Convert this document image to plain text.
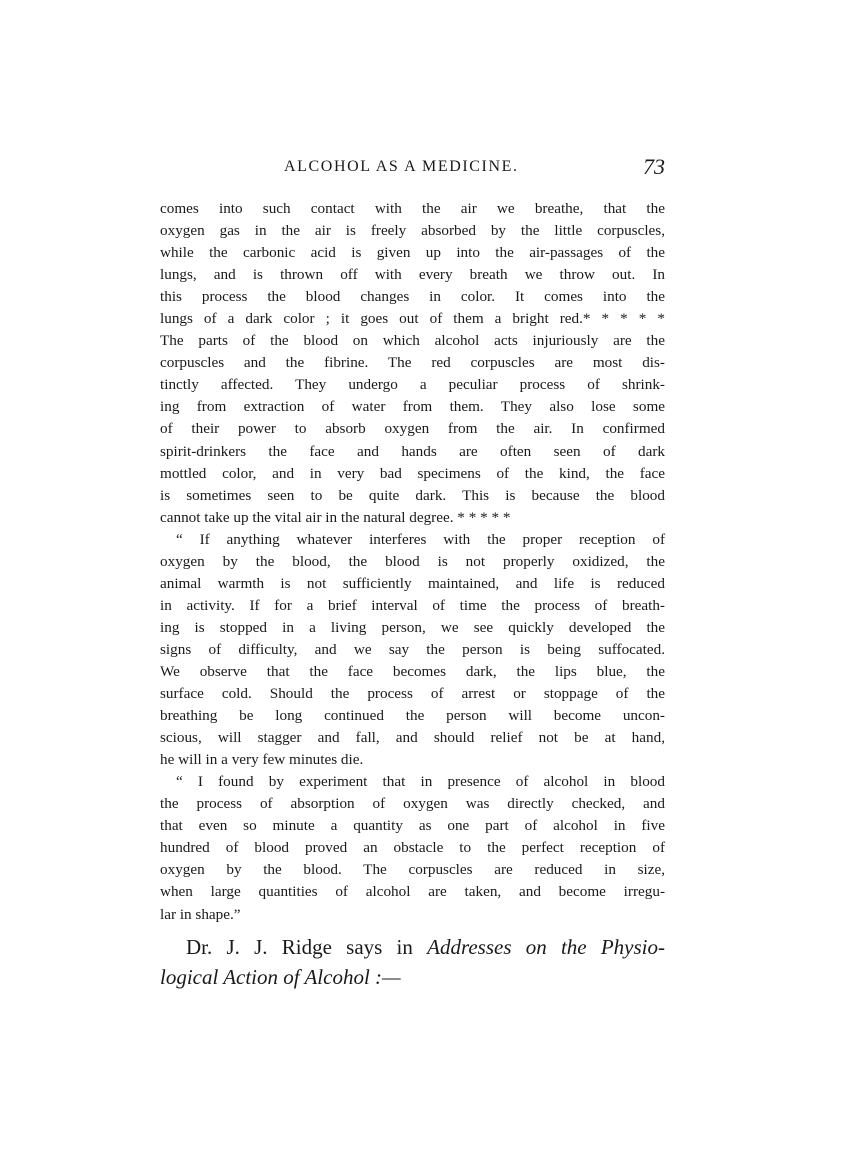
ALCOHOL AS A MEDICINE.	73
comes into such contact with the air we breathe, that the
oxygen gas in the air is freely absorbed by the little corpuscles,
while the carbonic acid is given up into the air-passages of the
lungs, and is thrown off with every breath we throw out. In
this process the blood changes in color. It comes into the
lungs of a dark color ; it goes out of them a bright red.* * * * *
The parts of the blood on which alcohol acts injuriously are the
corpuscles and the fibrine. The red corpuscles are most dis-
tinctly affected. They undergo a peculiar process of shrink-
ing from extraction of water from them. They also lose some
of their power to absorb oxygen from the air. In confirmed
spirit-drinkers the face and hands are often seen of dark
mottled color, and in very bad specimens of the kind, the face
is sometimes seen to be quite dark. This is because the blood
cannot take up the vital air in the natural degree. * * * * *
“ If anything whatever interferes with the proper reception of
oxygen by the blood, the blood is not properly oxidized, the
animal warmth is not sufficiently maintained, and life is reduced
in activity. If for a brief interval of time the process of breath-
ing is stopped in a living person, we see quickly developed the
signs of difficulty, and we say the person is being suffocated.
We observe that the face becomes dark, the lips blue, the
surface cold. Should the process of arrest or stoppage of the
breathing be long continued the person will become uncon-
scious, will stagger and fall, and should relief not be at hand,
he will in a very few minutes die.
“ I found by experiment that in presence of alcohol in blood
the process of absorption of oxygen was directly checked, and
that even so minute a quantity as one part of alcohol in five
hundred of blood proved an obstacle to the perfect reception of
oxygen by the blood. The corpuscles are reduced in size,
when large quantities of alcohol are taken, and become irregu-
lar in shape.”
Dr. J. J. Ridge says in Addresses on the Physio-
logical Action of Alcohol :—
